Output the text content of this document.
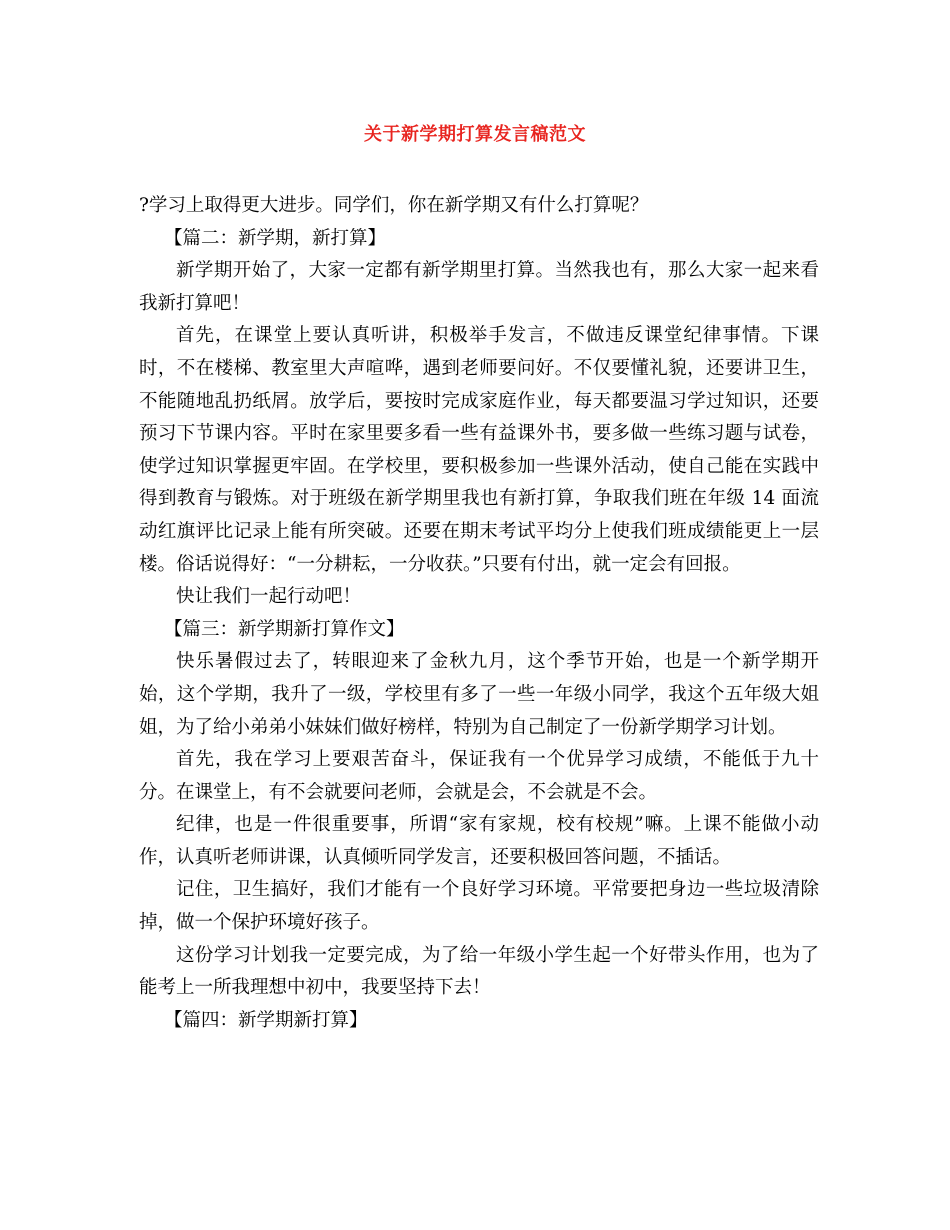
关于新学期打算发言稿范文

?学习上取得更大进步。同学们，你在新学期又有什么打算呢？

【篇二：新学期，新打算】

新学期开始了，大家一定都有新学期里打算。当然我也有，那么大家一起来看我新打算吧！

首先，在课堂上要认真听讲，积极举手发言，不做违反课堂纪律事情。下课时，不在楼梯、教室里大声喧哗，遇到老师要问好。不仅要懂礼貌，还要讲卫生，不能随地乱扔纸屑。放学后，要按时完成家庭作业，每天都要温习学过知识，还要预习下节课内容。平时在家里要多看一些有益课外书，要多做一些练习题与试卷，使学过知识掌握更牢固。在学校里，要积极参加一些课外活动，使自己能在实践中得到教育与锻炼。对于班级在新学期里我也有新打算，争取我们班在年级 14 面流动红旗评比记录上能有所突破。还要在期末考试平均分上使我们班成绩能更上一层楼。俗话说得好：“一分耕耘，一分收获。”只要有付出，就一定会有回报。

快让我们一起行动吧！

【篇三：新学期新打算作文】

快乐暑假过去了，转眼迎来了金秋九月，这个季节开始，也是一个新学期开始，这个学期，我升了一级，学校里有多了一些一年级小同学，我这个五年级大姐姐，为了给小弟弟小妹妹们做好榜样，特别为自己制定了一份新学期学习计划。

首先，我在学习上要艰苦奋斗，保证我有一个优异学习成绩，不能低于九十分。在课堂上，有不会就要问老师，会就是会，不会就是不会。

纪律，也是一件很重要事，所谓“家有家规，校有校规”嘛。上课不能做小动作，认真听老师讲课，认真倾听同学发言，还要积极回答问题，不插话。

记住，卫生搞好，我们才能有一个良好学习环境。平常要把身边一些垃圾清除掉，做一个保护环境好孩子。

这份学习计划我一定要完成，为了给一年级小学生起一个好带头作用，也为了能考上一所我理想中初中，我要坚持下去！

【篇四：新学期新打算】
